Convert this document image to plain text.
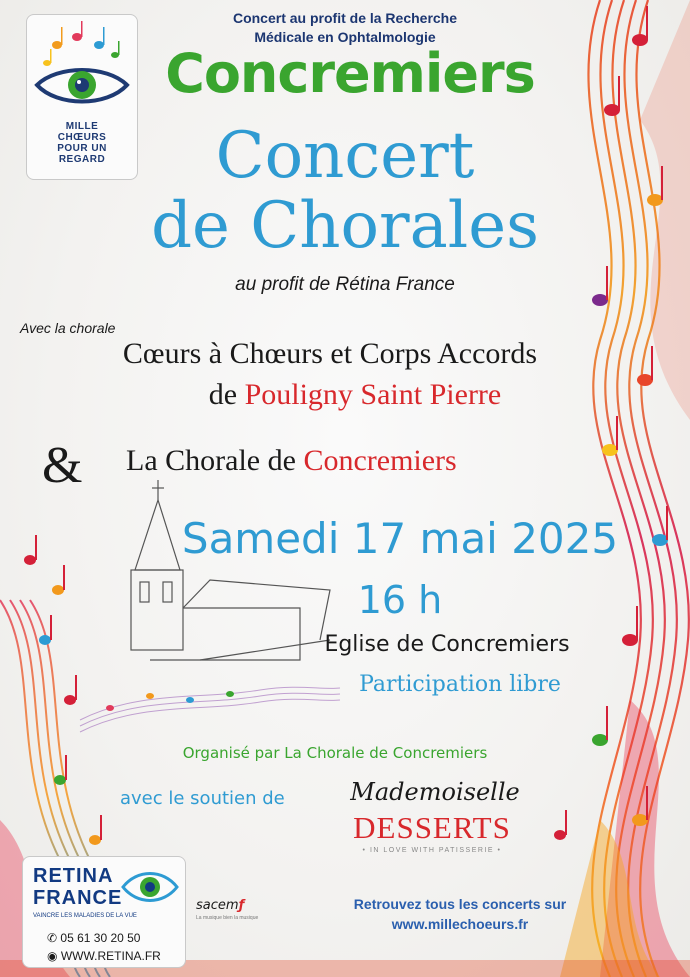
MILLE
CHŒURS
POUR UN
REGARD
Concert au profit de la Recherche
Médicale en Ophtalmologie
Concremiers
Concert
de Chorales
au profit de Rétina France
Avec la chorale
Cœurs à Chœurs et Corps Accords
de Pouligny Saint Pierre
& La Chorale de Concremiers
Samedi 17 mai 2025
16 h
Eglise de Concremiers
Participation libre
Organisé par La Chorale de Concremiers
avec le soutien de	Mademoiselle
DESSERTS
• IN LOVE WITH PATISSERIE •
RETINA
FRANCE
VAINCRE LES MALADIES DE LA VUE
✆ 05 61 30 20 50
◉ WWW.RETINA.FR
sacemƒ
La musique bien la musique
Retrouvez tous les concerts sur
www.millechoeurs.fr
